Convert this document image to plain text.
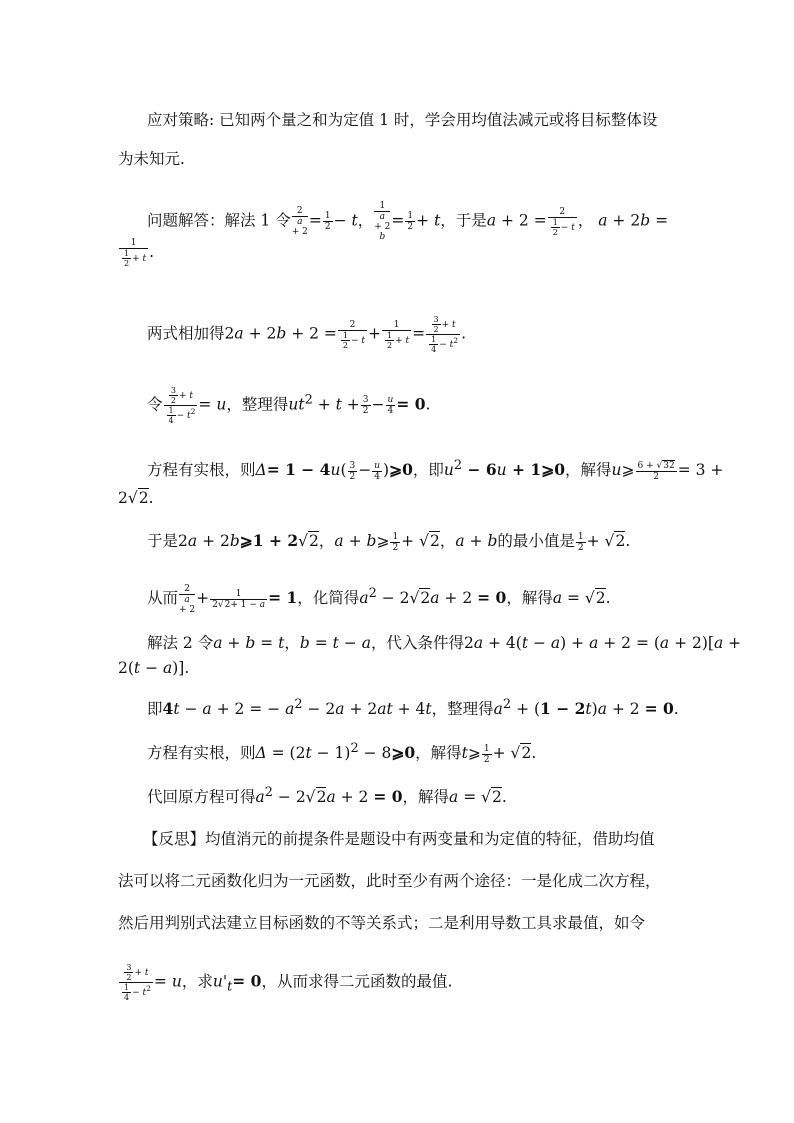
应对策略: 已知两个量之和为定值 1 时，学会用均值法减元或将目标整体设
为未知元.
问题解答：解法 1 令
2
a
+ $2= \frac{1}{2} - t$，
1
a
+ 2
b
= $\frac{1}{2} + t$，于是$a + 2 = \frac{2}{\frac{1}{2} - t}$ ， a + 2b =
$\frac{1}{\frac{1}{2} + t}$ .
两式相加得$2a + 2b + 2 = \frac{2}{\frac{1}{2} - t} + \frac{1}{\frac{1}{2} + t} = \frac{\frac{3}{2} + t}{\frac{1}{4} - t^2}$ .
令 $\frac{\frac{3}{2} + t}{\frac{1}{4} - t^2} = u$，整理得$ut^2 + t + \frac{3}{2} - \frac{u}{4} = 0$.
方程有实根，则$\Delta= 1 - 4u( \frac{3}{2} - \frac{u}{4}$ )⩾0，即$u^2 - 6u$ + 1⩾0，解得u⩾ $\frac{6 + √32}{2} = 3$ +
2√2.
于是2a + 2b⩾1 + 2√2，a + b⩾ $\frac{1}{2} + √2$，a + b的最小值是 $\frac{1}{2} + √2$.
从而
2
a
+ $2+ \frac{1}{2√2+ 1 - a} = 1$，化简得$a^2 - 2√2a + 2 = 0$，解得a = √2.
解法 2 令a + b = t，b = t − a，代入条件得2a + 4(t − a) + a + 2 = (a + 2)[a +
2(t − a)].
即4t − a + 2 = − $a^2 - 2a + 2at + 4t$，整理得$a^2 + (1 - 2t)a + 2 = 0$.
方程有实根，则$\Delta = (2t - 1)^2$ − 8⩾0，解得t⩾ $\frac{1}{2} + √2$.
代回原方程可得$a^2 - 2√2a + 2 = 0$，解得a = √2.
【反思】均值消元的前提条件是题设中有两变量和为定值的特征，借助均值
法可以将二元函数化归为一元函数，此时至少有两个途径：一是化成二次方程，
然后用判别式法建立目标函数的不等关系式；二是利用导数工具求最值，如令
$\frac{\frac{3}{2} + t}{\frac{1}{4} - t^2} = u$，求$u'_t= 0$，从而求得二元函数的最值.
